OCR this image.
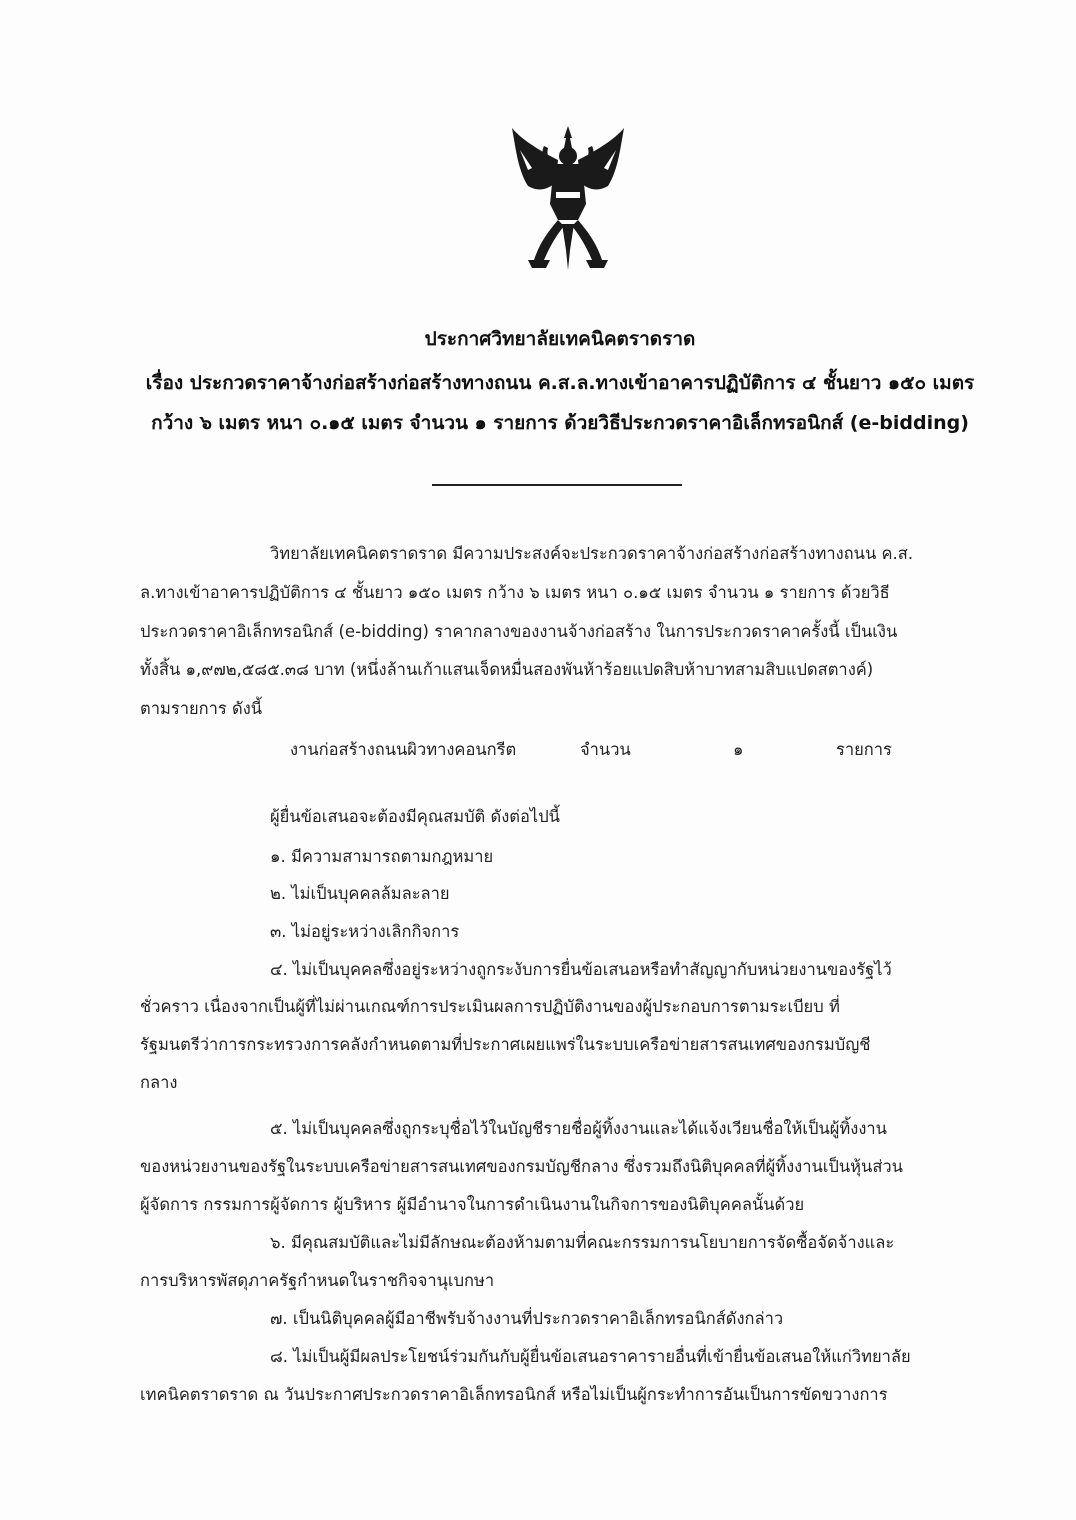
ประกาศวิทยาลัยเทคนิคตราดราด
เรื่อง ประกวดราคาจ้างก่อสร้างก่อสร้างทางถนน ค.ส.ล.ทางเข้าอาคารปฏิบัติการ ๔ ชั้นยาว ๑๕๐ เมตร
กว้าง ๖ เมตร หนา ๐.๑๕ เมตร จำนวน ๑ รายการ ด้วยวิธีประกวดราคาอิเล็กทรอนิกส์ (e-bidding)
วิทยาลัยเทคนิคตราดราด มีความประสงค์จะประกวดราคาจ้างก่อสร้างก่อสร้างทางถนน ค.ส.
ล.ทางเข้าอาคารปฏิบัติการ ๔ ชั้นยาว ๑๕๐ เมตร กว้าง ๖ เมตร หนา ๐.๑๕ เมตร จำนวน ๑ รายการ ด้วยวิธี
ประกวดราคาอิเล็กทรอนิกส์ (e-bidding) ราคากลางของงานจ้างก่อสร้าง ในการประกวดราคาครั้งนี้ เป็นเงิน
ทั้งสิ้น ๑,๙๗๒,๕๘๕.๓๘ บาท (หนึ่งล้านเก้าแสนเจ็ดหมื่นสองพันห้าร้อยแปดสิบห้าบาทสามสิบแปดสตางค์)
ตามรายการ ดังนี้
งานก่อสร้างถนนผิวทางคอนกรีต	จำนวน	๑	รายการ
ผู้ยื่นข้อเสนอจะต้องมีคุณสมบัติ ดังต่อไปนี้
๑. มีความสามารถตามกฎหมาย
๒. ไม่เป็นบุคคลล้มละลาย
๓. ไม่อยู่ระหว่างเลิกกิจการ
๔. ไม่เป็นบุคคลซึ่งอยู่ระหว่างถูกระงับการยื่นข้อเสนอหรือทำสัญญากับหน่วยงานของรัฐไว้
ชั่วคราว เนื่องจากเป็นผู้ที่ไม่ผ่านเกณฑ์การประเมินผลการปฏิบัติงานของผู้ประกอบการตามระเบียบ ที่
รัฐมนตรีว่าการกระทรวงการคลังกำหนดตามที่ประกาศเผยแพร่ในระบบเครือข่ายสารสนเทศของกรมบัญชี
กลาง
๕. ไม่เป็นบุคคลซึ่งถูกระบุชื่อไว้ในบัญชีรายชื่อผู้ทิ้งงานและได้แจ้งเวียนชื่อให้เป็นผู้ทิ้งงาน
ของหน่วยงานของรัฐในระบบเครือข่ายสารสนเทศของกรมบัญชีกลาง ซึ่งรวมถึงนิติบุคคลที่ผู้ทิ้งงานเป็นหุ้นส่วน
ผู้จัดการ กรรมการผู้จัดการ ผู้บริหาร ผู้มีอำนาจในการดำเนินงานในกิจการของนิติบุคคลนั้นด้วย
๖. มีคุณสมบัติและไม่มีลักษณะต้องห้ามตามที่คณะกรรมการนโยบายการจัดซื้อจัดจ้างและ
การบริหารพัสดุภาครัฐกำหนดในราชกิจจานุเบกษา
๗. เป็นนิติบุคคลผู้มีอาชีพรับจ้างงานที่ประกวดราคาอิเล็กทรอนิกส์ดังกล่าว
๘. ไม่เป็นผู้มีผลประโยชน์ร่วมกันกับผู้ยื่นข้อเสนอราคารายอื่นที่เข้ายื่นข้อเสนอให้แก่วิทยาลัย
เทคนิคตราดราด ณ วันประกาศประกวดราคาอิเล็กทรอนิกส์ หรือไม่เป็นผู้กระทำการอันเป็นการขัดขวางการ
